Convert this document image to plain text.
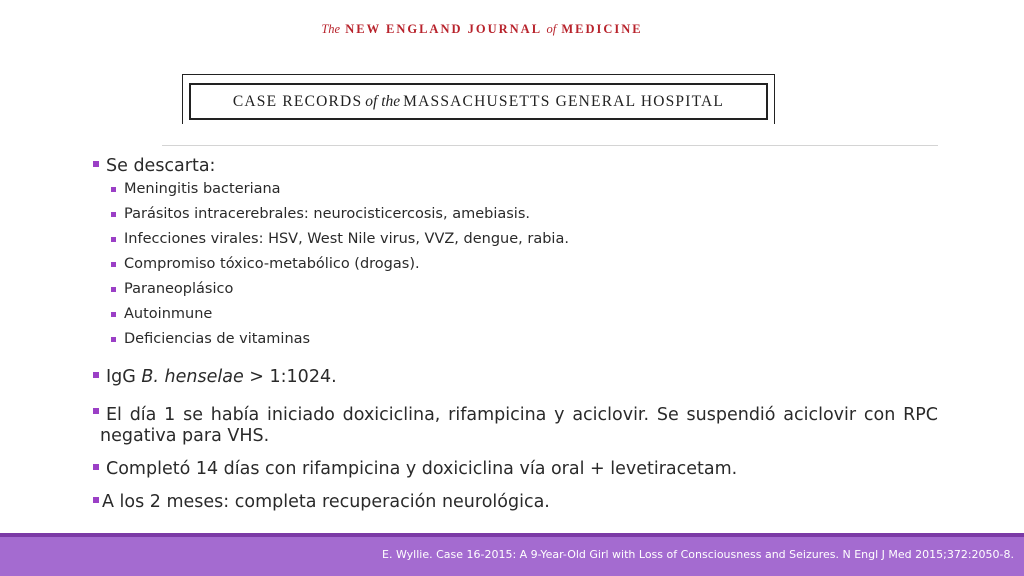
The NEW ENGLAND JOURNAL of MEDICINE
CASE RECORDS of the MASSACHUSETTS GENERAL HOSPITAL
Se descarta:
Meningitis bacteriana
Parásitos intracerebrales: neurocisticercosis, amebiasis.
Infecciones virales: HSV, West Nile virus, VVZ, dengue, rabia.
Compromiso tóxico-metabólico (drogas).
Paraneoplásico
Autoinmune
Deficiencias de vitaminas
IgG B. henselae > 1:1024.
El día 1 se había iniciado doxiciclina, rifampicina y aciclovir. Se suspendió aciclovir con RPC negativa para VHS.
Completó 14 días con rifampicina y doxiciclina vía oral + levetiracetam.
A los 2 meses: completa recuperación neurológica.
E. Wyllie. Case 16-2015: A 9-Year-Old Girl with Loss of Consciousness and Seizures. N Engl J Med 2015;372:2050-8.
